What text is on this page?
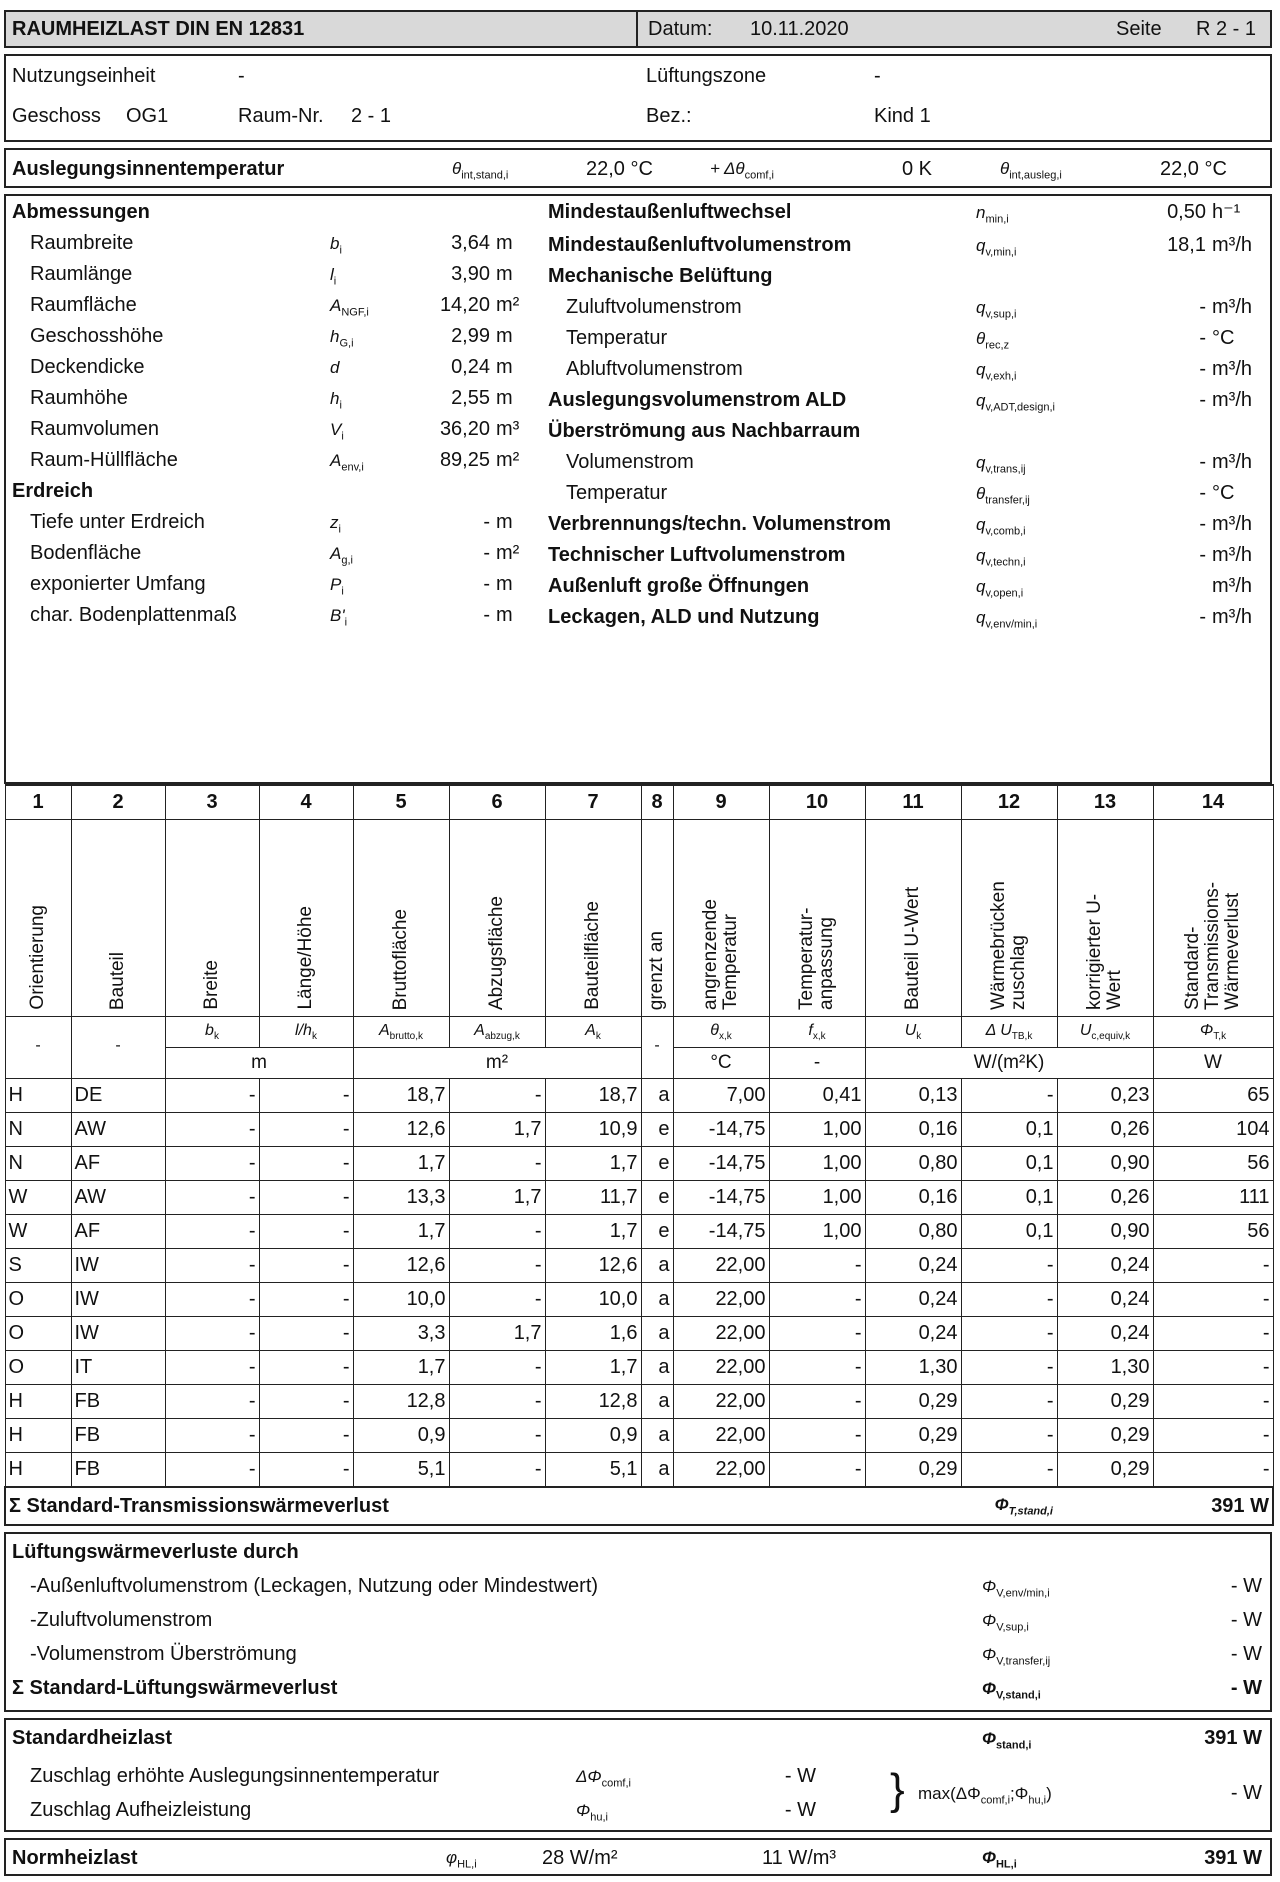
RAUMHEIZLAST DIN EN 12831	Datum: 10.11.2020	Seite R 2 - 1
Nutzungseinheit	-	Lüftungszone	-
Geschoss OG1	Raum-Nr. 2 - 1	Bez.:	Kind 1
Auslegungsinnentemperatur	$\theta_{int,stand,i}$	22,0 °C	+ $\Delta\theta_{comf,i}$	0 K	$\theta_{int,ausleg,i}$	22,0 °C
Abmessungen
Raumbreite	$b_i$	3,64 m
Raumlänge	$l_i$	3,90 m
Raumfläche	$A_{NGF,i}$	14,20 m²
Geschosshöhe	$h_{G,i}$	2,99 m
Deckendicke	d	0,24 m
Raumhöhe	$h_i$	2,55 m
Raumvolumen	$V_i$	36,20 m³
Raum-Hüllfläche	$A_{env,i}$	89,25 m²
Erdreich
Tiefe unter Erdreich	$z_i$	- m
Bodenfläche	$A_{g,i}$	- m²
exponierter Umfang	$P_i$	- m
char. Bodenplattenmaß	$B'_i$	- m
Mindestaußenluftwechsel	$n_{min,i}$	0,50 h⁻¹
Mindestaußenluftvolumenstrom	$q_{v,min,i}$	18,1 m³/h
Mechanische Belüftung
Zuluftvolumenstrom	$q_{v,sup,i}$	- m³/h
Temperatur	$\theta_{rec,z}$	- °C
Abluftvolumenstrom	$q_{v,exh,i}$	- m³/h
Auslegungsvolumenstrom ALD	$q_{v,ADT,design,i}$	- m³/h
Überströmung aus Nachbarraum
Volumenstrom	$q_{v,trans,ij}$	- m³/h
Temperatur	$\theta_{transfer,ij}$	- °C
Verbrennungs/techn. Volumenstrom	$q_{v,comb,i}$	- m³/h
Technischer Luftvolumenstrom	$q_{v,techn,i}$	- m³/h
Außenluft große Öffnungen	$q_{v,open,i}$	m³/h
Leckagen, ALD und Nutzung	$q_{v,env/min,i}$	- m³/h
1	2	3	4	5	6	7	8	9	10	11	12	13	14

Orientierung	Bauteil	Breite	Länge/Höhe	Bruttofläche	Abzugsfläche	Bauteilfläche	grenzt an	angrenzende Temperatur	Temperatur-anpassung	Bauteil U-Wert	Wärmebrücken zuschlag	korrigierter U-Wert	Standard-Transmissions-Wärmeverlust

-	-	$b_k$	$l/h_k$	$A_{brutto,k}$	$A_{abzug,k}$	$A_k$	-	$\theta_{x,k}$	$f_{x,k}$	$U_k$	Δ $U_{TB,k}$	$U_{c,equiv,k}$	$\Phi_{T,k}$
		m		m²				°C	-	W/(m²K)			W
H	DE	-	-	18,7	-	18,7	a	7,00	0,41	0,13	-	0,23	65
N	AW	-	-	12,6	1,7	10,9	e	-14,75	1,00	0,16	0,1	0,26	104
N	AF	-	-	1,7	-	1,7	e	-14,75	1,00	0,80	0,1	0,90	56
W	AW	-	-	13,3	1,7	11,7	e	-14,75	1,00	0,16	0,1	0,26	111
W	AF	-	-	1,7	-	1,7	e	-14,75	1,00	0,80	0,1	0,90	56
S	IW	-	-	12,6	-	12,6	a	22,00	-	0,24	-	0,24	-
O	IW	-	-	10,0	-	10,0	a	22,00	-	0,24	-	0,24	-
O	IW	-	-	3,3	1,7	1,6	a	22,00	-	0,24	-	0,24	-
O	IT	-	-	1,7	-	1,7	a	22,00	-	1,30	-	1,30	-
H	FB	-	-	12,8	-	12,8	a	22,00	-	0,29	-	0,29	-
H	FB	-	-	0,9	-	0,9	a	22,00	-	0,29	-	0,29	-
H	FB	-	-	5,1	-	5,1	a	22,00	-	0,29	-	0,29	-
Σ Standard-Transmissionswärmeverlust										$\Phi_{T,stand,i}$			391 W
Lüftungswärmeverluste durch
-Außenluftvolumenstrom (Leckagen, Nutzung oder Mindestwert)	$\Phi_{V,env/min,i}$	- W
-Zuluftvolumenstrom	$\Phi_{V,sup,i}$	- W
-Volumenstrom Überströmung	$\Phi_{V,transfer,ij}$	- W
Σ Standard-Lüftungswärmeverlust	$\Phi_{V,stand,i}$	- W
Standardheizlast	$\Phi_{stand,i}$	391 W
Zuschlag erhöhte Auslegungsinnentemperatur	$\Delta\Phi_{comf,i}$	- W
Zuschlag Aufheizleistung	$\Phi_{hu,i}$	- W } $\max(\Delta\Phi_{comf,i};\Phi_{hu,i})$	- W
Normheizlast	$\varphi_{HL,i}$	28 W/m²	11 W/m³	$\Phi_{HL,i}$	391 W
